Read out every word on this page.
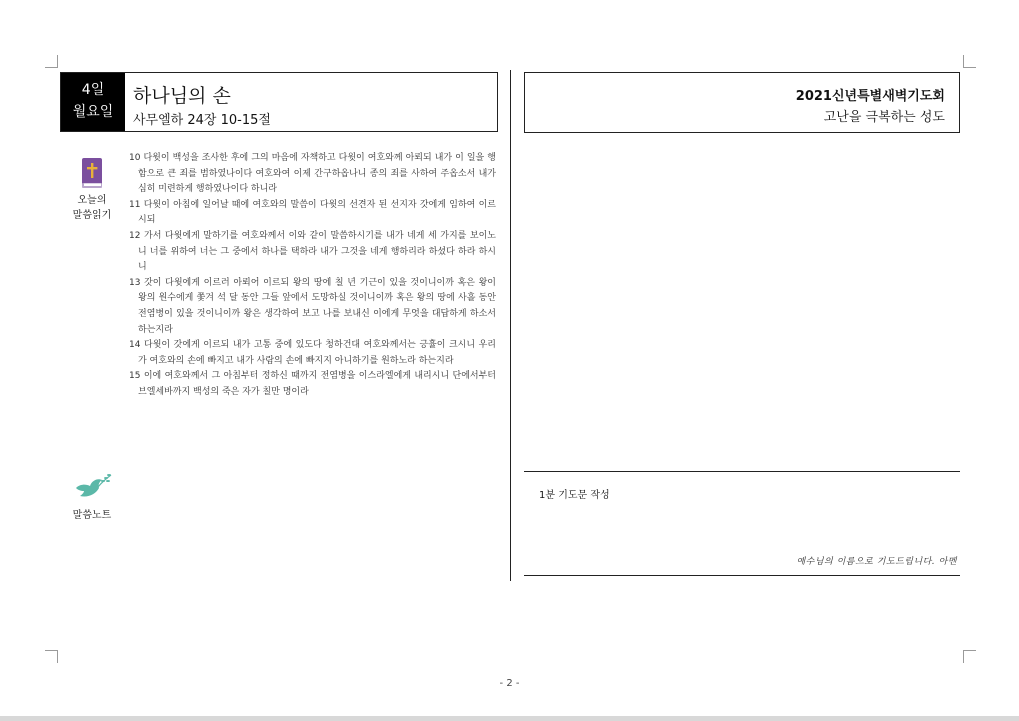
4일
월요일
하나님의 손
사무엘하 24장 10-15절
2021신년특별새벽기도회
고난을 극복하는 성도
오늘의
말씀읽기

10 다윗이 백성을 조사한 후에 그의 마음에 자책하고 다윗이 여호와께 아뢰되 내가 이 일을 행함으로 큰 죄를 범하였나이다 여호와여 이제 간구하옵나니 종의 죄를 사하여 주옵소서 내가 심히 미련하게 행하였나이다 하니라

11 다윗이 아침에 일어날 때에 여호와의 말씀이 다윗의 선견자 된 선지자 갓에게 임하여 이르시되

12 가서 다윗에게 말하기를 여호와께서 이와 같이 말씀하시기를 내가 네게 세 가지를 보이노니 너를 위하여 너는 그 중에서 하나를 택하라 내가 그것을 네게 행하리라 하셨다 하라 하시니

13 갓이 다윗에게 이르러 아뢰어 이르되 왕의 땅에 칠 년 기근이 있을 것이니이까 혹은 왕이 왕의 원수에게 쫓겨 석 달 동안 그들 앞에서 도망하실 것이니이까 혹은 왕의 땅에 사흘 동안 전염병이 있을 것이니이까 왕은 생각하여 보고 나를 보내신 이에게 무엇을 대답하게 하소서 하는지라

14 다윗이 갓에게 이르되 내가 고통 중에 있도다 청하건대 여호와께서는 긍휼이 크시니 우리가 여호와의 손에 빠지고 내가 사람의 손에 빠지지 아니하기를 원하노라 하는지라

15 이에 여호와께서 그 아침부터 정하신 때까지 전염병을 이스라엘에게 내리시니 단에서부터 브엘세바까지 백성의 죽은 자가 칠만 명이라

말씀노트
1분 기도문 작성
예수님의 이름으로 기도드립니다. 아멘
- 2 -
